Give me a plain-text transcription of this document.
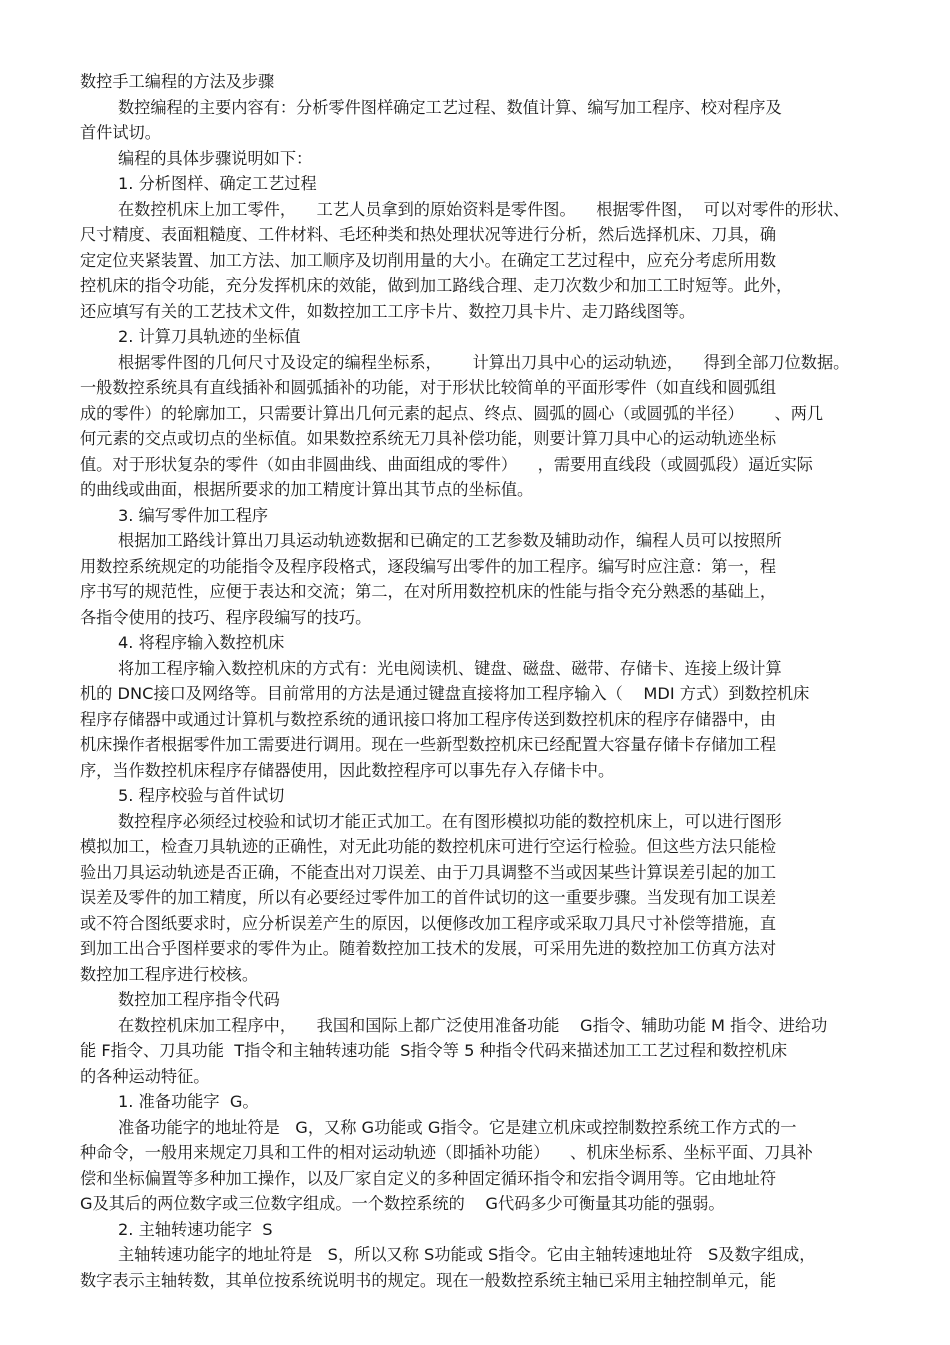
数控手工编程的方法及步骤
数控编程的主要内容有：分析零件图样确定工艺过程、数值计算、编写加工程序、校对程序及
首件试切。
编程的具体步骤说明如下：
1. 分析图样、确定工艺过程
在数控机床上加工零件，    工艺人员拿到的原始资料是零件图。    根据零件图，  可以对零件的形状、
尺寸精度、表面粗糙度、工件材料、毛坯种类和热处理状况等进行分析，然后选择机床、刀具，确
定定位夹紧装置、加工方法、加工顺序及切削用量的大小。在确定工艺过程中，应充分考虑所用数
控机床的指令功能，充分发挥机床的效能，做到加工路线合理、走刀次数少和加工工时短等。此外，
还应填写有关的工艺技术文件，如数控加工工序卡片、数控刀具卡片、走刀路线图等。
2. 计算刀具轨迹的坐标值
根据零件图的几何尺寸及设定的编程坐标系，      计算出刀具中心的运动轨迹，    得到全部刀位数据。
一般数控系统具有直线插补和圆弧插补的功能，对于形状比较简单的平面形零件（如直线和圆弧组
成的零件）的轮廓加工，只需要计算出几何元素的起点、终点、圆弧的圆心（或圆弧的半径）      、两几
何元素的交点或切点的坐标值。如果数控系统无刀具补偿功能，则要计算刀具中心的运动轨迹坐标
值。对于形状复杂的零件（如由非圆曲线、曲面组成的零件）    ，需要用直线段（或圆弧段）逼近实际
的曲线或曲面，根据所要求的加工精度计算出其节点的坐标值。
3. 编写零件加工程序
根据加工路线计算出刀具运动轨迹数据和已确定的工艺参数及辅助动作，编程人员可以按照所
用数控系统规定的功能指令及程序段格式，逐段编写出零件的加工程序。编写时应注意：第一，程
序书写的规范性，应便于表达和交流；第二，在对所用数控机床的性能与指令充分熟悉的基础上，
各指令使用的技巧、程序段编写的技巧。
4. 将程序输入数控机床
将加工程序输入数控机床的方式有：光电阅读机、键盘、磁盘、磁带、存储卡、连接上级计算
机的 DNC接口及网络等。目前常用的方法是通过键盘直接将加工程序输入（    MDI 方式）到数控机床
程序存储器中或通过计算机与数控系统的通讯接口将加工程序传送到数控机床的程序存储器中，由
机床操作者根据零件加工需要进行调用。现在一些新型数控机床已经配置大容量存储卡存储加工程
序，当作数控机床程序存储器使用，因此数控程序可以事先存入存储卡中。
5. 程序校验与首件试切
数控程序必须经过校验和试切才能正式加工。在有图形模拟功能的数控机床上，可以进行图形
模拟加工，检查刀具轨迹的正确性，对无此功能的数控机床可进行空运行检验。但这些方法只能检
验出刀具运动轨迹是否正确，不能查出对刀误差、由于刀具调整不当或因某些计算误差引起的加工
误差及零件的加工精度，所以有必要经过零件加工的首件试切的这一重要步骤。当发现有加工误差
或不符合图纸要求时，应分析误差产生的原因，以便修改加工程序或采取刀具尺寸补偿等措施，直
到加工出合乎图样要求的零件为止。随着数控加工技术的发展，可采用先进的数控加工仿真方法对
数控加工程序进行校核。
数控加工程序指令代码
在数控机床加工程序中，    我国和国际上都广泛使用准备功能    G指令、辅助功能 M 指令、进给功
能 F指令、刀具功能  T指令和主轴转速功能  S指令等 5 种指令代码来描述加工工艺过程和数控机床
的各种运动特征。
1. 准备功能字  G。
准备功能字的地址符是   G，又称 G功能或 G指令。它是建立机床或控制数控系统工作方式的一
种命令，一般用来规定刀具和工件的相对运动轨迹（即插补功能）    、机床坐标系、坐标平面、刀具补
偿和坐标偏置等多种加工操作，以及厂家自定义的多种固定循环指令和宏指令调用等。它由地址符
G及其后的两位数字或三位数字组成。一个数控系统的    G代码多少可衡量其功能的强弱。
2. 主轴转速功能字  S
主轴转速功能字的地址符是   S，所以又称 S功能或 S指令。它由主轴转速地址符   S及数字组成，
数字表示主轴转数，其单位按系统说明书的规定。现在一般数控系统主轴已采用主轴控制单元，能
